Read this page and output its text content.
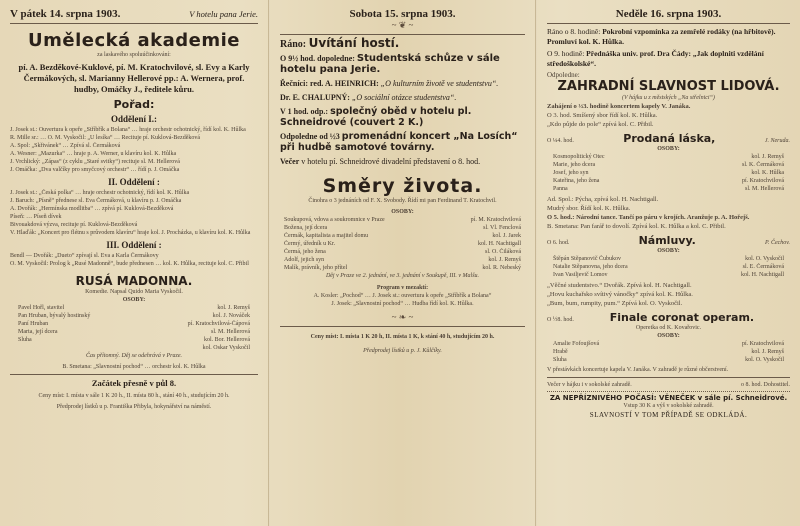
V pátek 14. srpna 1903.	V hotelu pana Jerie.
Umělecká akademie
za laskavého spoluúčinkování:
pí. A. Bezděkové-Kuklové, pí. M. Kratochvilové, sl. Evy a Karly Čermákových, sl. Marianny Hellerové pp.: A. Wernera, prof. hudby, Omáčky J., ředitele kůru.
Pořad:
Oddělení I.:
J. Josek st.: Ouvertura k opeře „Stříbřík a Bolana“ … hraje orchestr ochotnický, řídí kol. K. Hůlka
R. Mille sr.: … O. M. Vyskočil: „U lesíka“ … Recituje pí. Kuklová-Bezděková
A. Spol: „Skřivánek“ … Zpívá sl. Čermáková
A. Wesner: „Mazurka“ … hraje p. A. Werner, u klavíru kol. K. Hůlka
J. Vrchlický: „Zápas“ (z cyklu „Staré svitky“) recituje sl. M. Hellerová
J. Omáčka: „Dva valčíky pro smyčcový orchestr“ … řídí p. J. Omáčka
II. Oddělení :
J. Josek st.: „Česká polka“ … hraje orchestr ochotnický, řídí kol. K. Hůlka
J. Baruch: „Písně“ přednese sl. Eva Čermáková, u klavíru p. J. Omáčka
A. Dvořák: „Hermínska modlitba“ … zpívá pí. Kuklová-Bezděková
Píseň: … Píseň dívek
Bivouakdová výzva, recituje pí. Kuklová-Bezděková
V. Hlaďák: „Koncert pro flétnu s průvodem klavíru“ hraje kol. J. Procházka, u klavíru kol. K. Hůlka
III. Oddělení :
Bendl — Dvořák: „Dueto“ zpívají sl. Eva a Karla Čermákovy
O. M. Vyskočil: Prolog k „Rusé Madonně“, bude přednesen … kol. K. Hůlka, recituje kol. C. Přibil
RUSÁ MADONNA.
Komedie. Napsal Quido Maria Vyskočil.
OSOBY:
Pavel Hořl, stavitel	kol. J. Remyš
Pan Hruban, bývalý hostinský	kol. J. Nováček
Paní Hruban	pí. Kratochvilová-Čápová
Marta, její dcera	sl. M. Hellerová
Sluha	kol. Bor. Hellerová
kol. Oskar Vyskočil
Čas přítomný. Děj se odehrává v Praze.
B. Smetana: „Slavnostní pochod“ … orchestr kol. K. Hůlka
Začátek přesně v půl 8.
Ceny míst: I. místa v sále 1 K 20 h., II. místa 80 h., stání 40 h., studujícím 20 h.
Předprodej lístků u p. Františka Přibyla, hokynářství na náměstí.
Sobota 15. srpna 1903.
~ ❦ ~
Ráno: Uvítání hostí.
O 9½ hod. dopoledne: Studentská schůze v sále hotelu pana Jerie.
Řečníci: red. A. HEINRICH: „O kulturním životě ve studentstvu“.
Dr. E. CHALUPNÝ: „O sociální otázce studentstva“.
V 1 hod. odp.: společný oběd v hotelu pl. Schneidrové (couvert 2 K.)
Odpoledne od ½3 promenádní koncert „Na Losích“ při hudbě samotové továrny.
Večer v hotelu pí. Schneidrové divadelní představení o 8. hod.
Směry života.
Činohra o 3 jednáních od F. X. Svobody. Řídí mi pan Ferdinand T. Kratochvil.
OSOBY:
Soukupová, vdova a soukromnice v Praze	pí. M. Kratochvilová
Božena, její dcera	sl. Vl. Fenclová
Čermák, kapitalista a majitel domu	kol. J. Jarek
Čermý, úředník u Kr.	kol. H. Nachtigall
Čermá, jeho žena	sl. O. Čiláková
Adolf, jejich syn	kol. J. Remyš
Malík, právník, jeho přítel	kol. R. Nebeský
Děj v Praze ve 2. jednání, ve 3. jednání v Soukupě, III. v Malšu.
Program v mezaktí:
A. Kosler: „Pochod“ … J. Josek st.: ouvertura k opeře „Stříbřík a Bolana“
J. Josek: „Slavnostní pochod“ … Hudba řídí kol. K. Hůlka.
~ ❧ ~
Ceny míst: I. místa 1 K 20 h, II. místa 1 K, k stání 40 h, studujícím 20 h.
Předprodej lístků u p. J. Kůlčíky.
Neděle 16. srpna 1903.
Ráno o 8. hodině: Pokrobní vzpomínka za zemřelé rodáky (na hřbitově). Promluví kol. K. Hůlka.
O 9. hodině: Přednáška univ. prof. Dra Čády: „Jak doplniti vzdělání středoškolské“.
Odpoledne:
ZAHRADNÍ SLAVNOST LIDOVÁ.
(V hájku u z městských „Na střelnici“)
Zahájení o ½3. hodině koncertem kapely V. Janáka.
O 3. hod. Smíšený sbor řídí kol. K. Hůlka.
„Kdo půjde do pole“ zpívá kol. C. Přibil.
O ¼4. hod.	Prodaná láska,	J. Neruda.
OSOBY:
Kosmopolitický Otec	kol. J. Remyš
Marie, jeho dcera	sl. K. Čermáková
Josef, jeho syn	kol. K. Hůlka
Kateřina, jeho žena	pí. Kratochvilová
Panna	sl. M. Hellerová
Ad. Spol.: Pýcha, zpívá kol. H. Nachtigall.
Mudrý sbor. Řídí kol. K. Hůlka.
O 5. hod.: Národní tance. Tančí po páru v krojích. Aranžuje p. A. Hořejš.
B. Smetana: Pan farář to dovolí. Zpívá kol. K. Hůlka a kol. C. Přibil.
O 6. hod.	Námluvy.	P. Čechov.
OSOBY:
Štěpán Stěpanovič Čubukov	kol. O. Vyskočil
Natalie Stěpanovna, jeho dcera	sl. E. Čermáková
Ivan Vasiljevič Lomov	kol. H. Nachtigall
„Věčné studentstvo.“ Dvořák. Zpívá kol. H. Nachtigall.
„Hovu kuchařsko svítivý vánočky“ zpívá kol. K. Hůlka.
„Bum, bum, rumpity, pum.“ Zpívá kol. O. Vyskočil.
O ½8. hod.	Finale coronat operam.
Operetka od K. Kovařovic.
OSOBY:
Amalie Fofoujšová	pí. Kratochvilová
Hrabě	kol. J. Remyš
Sluha	kol. O. Vyskočil
V přestávkách koncertuje kapela V. Janáka. V zahradě je různé občerstvení.
Večer v hájku i v sokolské zahradě.	o 8. hod. Dohostitel.
ZA NEPŘÍZNIVÉHO POČASÍ: VĚNEČEK v sále pí. Schneidrové.
Vstup 30 K a výš v sokolské zahradě.
SLAVNOSTÍ V TOM PŘÍPADĚ SE ODKLÁDÁ.
